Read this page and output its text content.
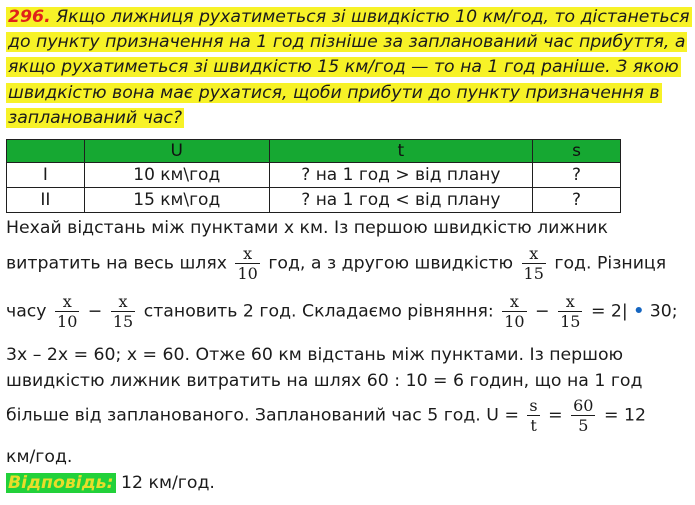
296. Якщо лижниця рухатиметься зі швидкістю 10 км/год, то дістанеться до пункту призначення на 1 год пізніше за запланований час прибуття, а якщо рухатиметься зі швидкістю 15 км/год — то на 1 год раніше. З якою швидкістю вона має рухатися, щоби прибути до пункту призначення в запланований час?
	U	t	s
I	10 км\год	? на 1 год > від плану	?
II	15 км\год	? на 1 год < від плану	?
Нехай відстань між пунктами х км. Із першою швидкістю лижник
витратить на весь шлях $\frac{x}{10}$ год, а з другою швидкістю $\frac{x}{15}$ год. Різниця
часу $\frac{x}{10} - \frac{x}{15}$ становить 2 год. Складаємо рівняння: $\frac{x}{10} - \frac{x}{15} = 2|$ • 30;
3х – 2х = 60; х = 60. Отже 60 км відстань між пунктами. Із першою
швидкістю лижник витратить на шлях 60 : 10 = 6 годин, що на 1 год
більше від запланованого. Запланований час 5 год. $U = \frac{s}{t} = \frac{60}{5} = 12$
км/год.
Відповідь: 12 км/год.
